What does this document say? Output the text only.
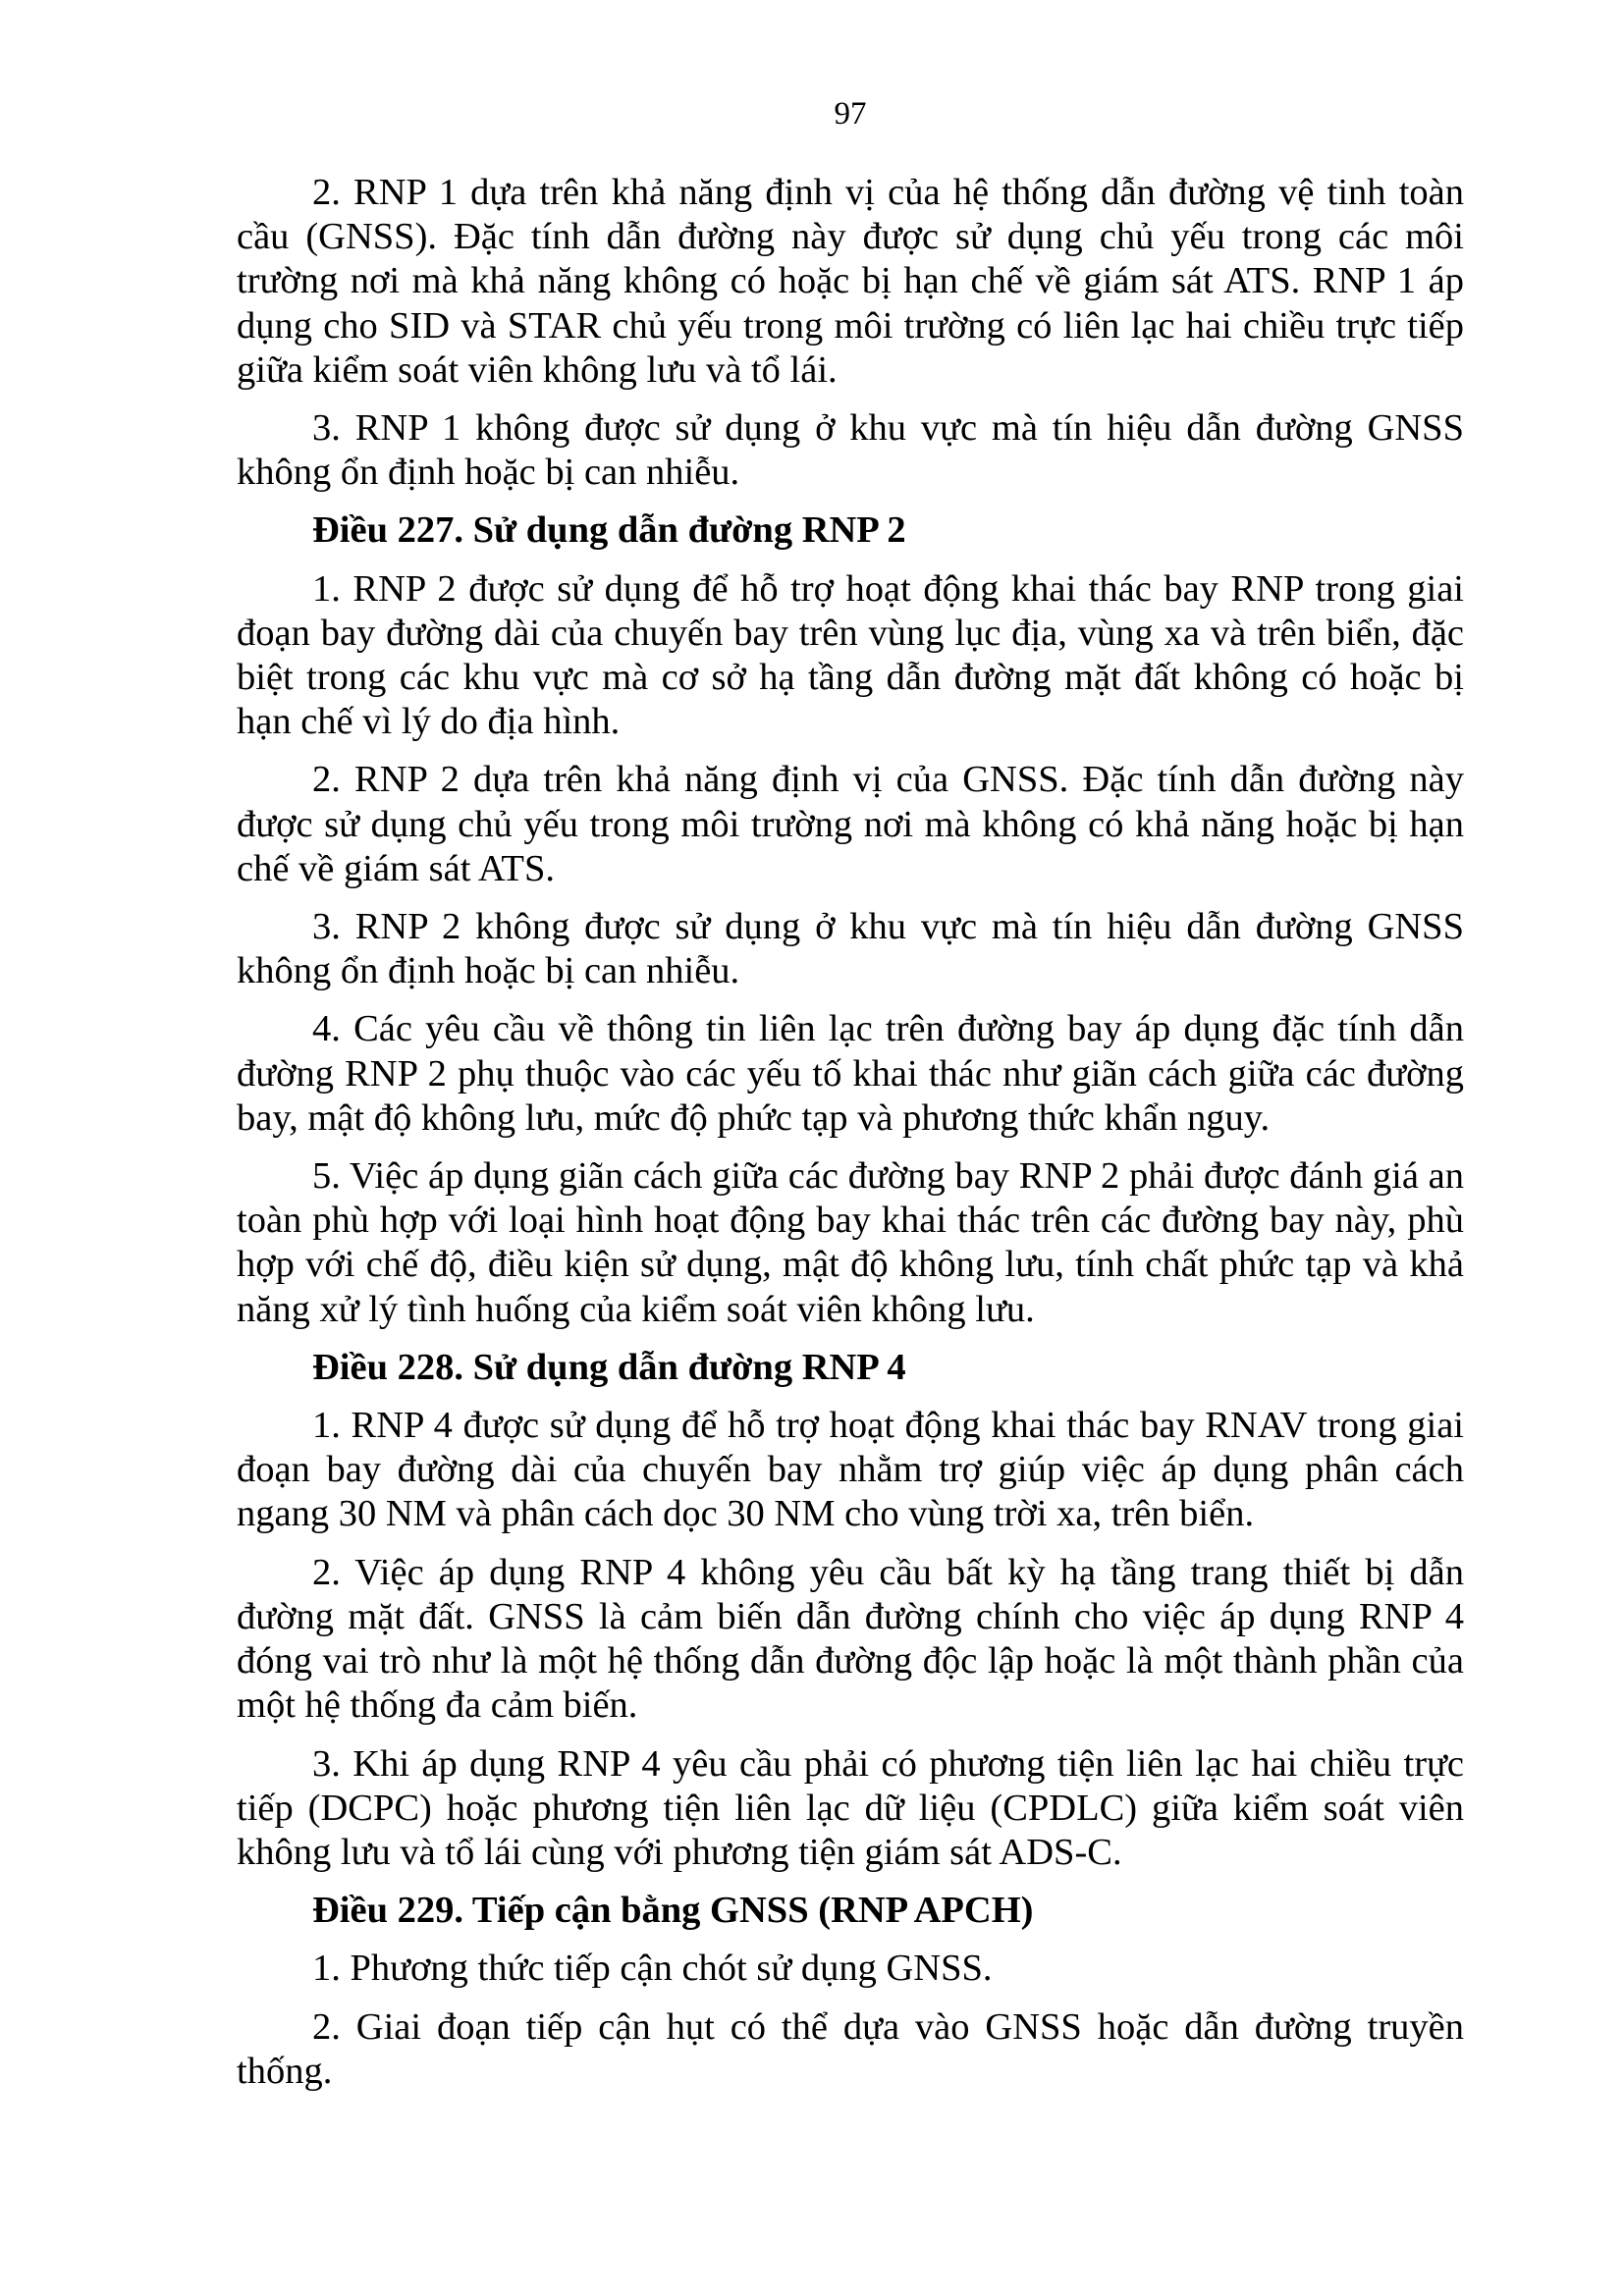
97

2. RNP 1 dựa trên khả năng định vị của hệ thống dẫn đường vệ tinh toàn cầu (GNSS). Đặc tính dẫn đường này được sử dụng chủ yếu trong các môi trường nơi mà khả năng không có hoặc bị hạn chế về giám sát ATS. RNP 1 áp dụng cho SID và STAR chủ yếu trong môi trường có liên lạc hai chiều trực tiếp giữa kiểm soát viên không lưu và tổ lái.

3. RNP 1 không được sử dụng ở khu vực mà tín hiệu dẫn đường GNSS không ổn định hoặc bị can nhiễu.

Điều 227. Sử dụng dẫn đường RNP 2

1. RNP 2 được sử dụng để hỗ trợ hoạt động khai thác bay RNP trong giai đoạn bay đường dài của chuyến bay trên vùng lục địa, vùng xa và trên biển, đặc biệt trong các khu vực mà cơ sở hạ tầng dẫn đường mặt đất không có hoặc bị hạn chế vì lý do địa hình.

2. RNP 2 dựa trên khả năng định vị của GNSS. Đặc tính dẫn đường này được sử dụng chủ yếu trong môi trường nơi mà không có khả năng hoặc bị hạn chế về giám sát ATS.

3. RNP 2 không được sử dụng ở khu vực mà tín hiệu dẫn đường GNSS không ổn định hoặc bị can nhiễu.

4. Các yêu cầu về thông tin liên lạc trên đường bay áp dụng đặc tính dẫn đường RNP 2 phụ thuộc vào các yếu tố khai thác như giãn cách giữa các đường bay, mật độ không lưu, mức độ phức tạp và phương thức khẩn nguy.

5. Việc áp dụng giãn cách giữa các đường bay RNP 2 phải được đánh giá an toàn phù hợp với loại hình hoạt động bay khai thác trên các đường bay này, phù hợp với chế độ, điều kiện sử dụng, mật độ không lưu, tính chất phức tạp và khả năng xử lý tình huống của kiểm soát viên không lưu.

Điều 228. Sử dụng dẫn đường RNP 4

1. RNP 4 được sử dụng để hỗ trợ hoạt động khai thác bay RNAV trong giai đoạn bay đường dài của chuyến bay nhằm trợ giúp việc áp dụng phân cách ngang 30 NM và phân cách dọc 30 NM cho vùng trời xa, trên biển.

2. Việc áp dụng RNP 4 không yêu cầu bất kỳ hạ tầng trang thiết bị dẫn đường mặt đất. GNSS là cảm biến dẫn đường chính cho việc áp dụng RNP 4 đóng vai trò như là một hệ thống dẫn đường độc lập hoặc là một thành phần của một hệ thống đa cảm biến.

3. Khi áp dụng RNP 4 yêu cầu phải có phương tiện liên lạc hai chiều trực tiếp (DCPC) hoặc phương tiện liên lạc dữ liệu (CPDLC) giữa kiểm soát viên không lưu và tổ lái cùng với phương tiện giám sát ADS-C.

Điều 229. Tiếp cận bằng GNSS (RNP APCH)

1. Phương thức tiếp cận chót sử dụng GNSS.

2. Giai đoạn tiếp cận hụt có thể dựa vào GNSS hoặc dẫn đường truyền thống.
